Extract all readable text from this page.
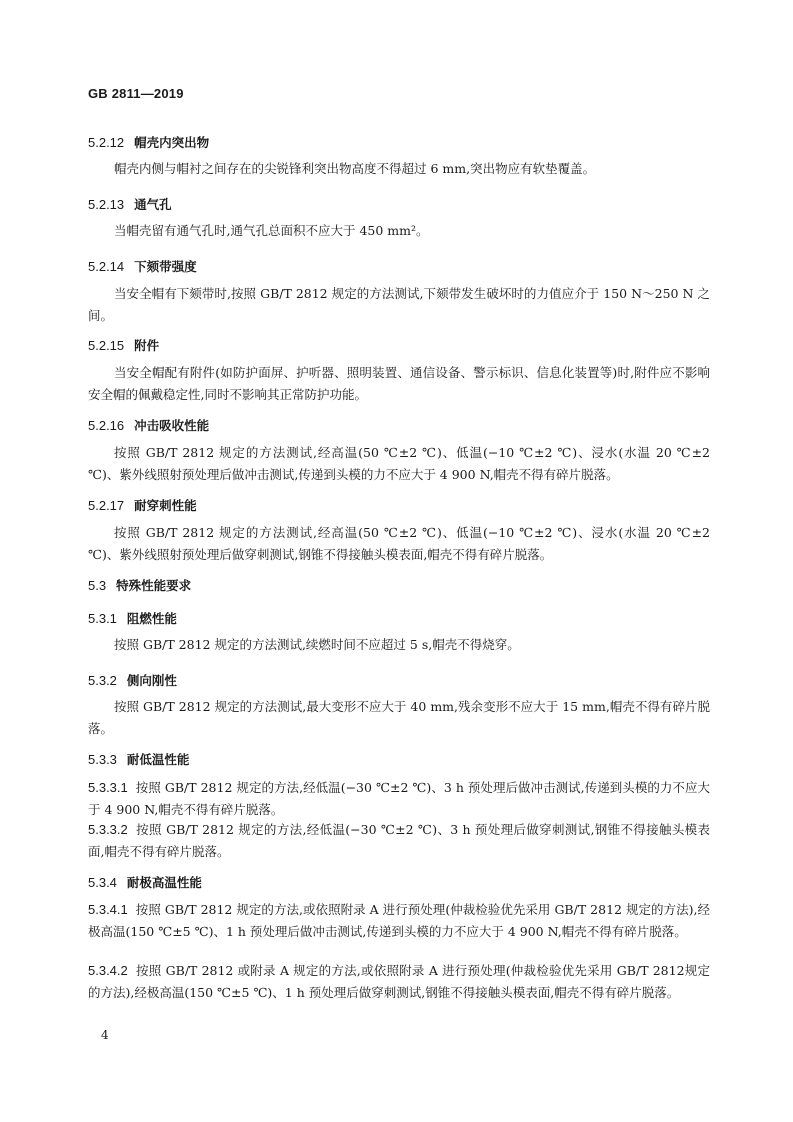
GB 2811—2019
5.2.12 帽壳内突出物
帽壳内侧与帽衬之间存在的尖锐锋利突出物高度不得超过 6 mm,突出物应有软垫覆盖。
5.2.13 通气孔
当帽壳留有通气孔时,通气孔总面积不应大于 450 mm²。
5.2.14 下颏带强度
当安全帽有下颏带时,按照 GB/T 2812 规定的方法测试,下颏带发生破坏时的力值应介于 150 N～250 N 之间。
5.2.15 附件
当安全帽配有附件(如防护面屏、护听器、照明装置、通信设备、警示标识、信息化装置等)时,附件应不影响安全帽的佩戴稳定性,同时不影响其正常防护功能。
5.2.16 冲击吸收性能
按照 GB/T 2812 规定的方法测试,经高温(50 ℃±2 ℃)、低温(−10 ℃±2 ℃)、浸水(水温 20 ℃±2 ℃)、紫外线照射预处理后做冲击测试,传递到头模的力不应大于 4 900 N,帽壳不得有碎片脱落。
5.2.17 耐穿刺性能
按照 GB/T 2812 规定的方法测试,经高温(50 ℃±2 ℃)、低温(−10 ℃±2 ℃)、浸水(水温 20 ℃±2 ℃)、紫外线照射预处理后做穿刺测试,钢锥不得接触头模表面,帽壳不得有碎片脱落。
5.3 特殊性能要求
5.3.1 阻燃性能
按照 GB/T 2812 规定的方法测试,续燃时间不应超过 5 s,帽壳不得烧穿。
5.3.2 侧向刚性
按照 GB/T 2812 规定的方法测试,最大变形不应大于 40 mm,残余变形不应大于 15 mm,帽壳不得有碎片脱落。
5.3.3 耐低温性能
5.3.3.1 按照 GB/T 2812 规定的方法,经低温(−30 ℃±2 ℃)、3 h 预处理后做冲击测试,传递到头模的力不应大于 4 900 N,帽壳不得有碎片脱落。
5.3.3.2 按照 GB/T 2812 规定的方法,经低温(−30 ℃±2 ℃)、3 h 预处理后做穿刺测试,钢锥不得接触头模表面,帽壳不得有碎片脱落。
5.3.4 耐极高温性能
5.3.4.1 按照 GB/T 2812 规定的方法,或依照附录 A 进行预处理(仲裁检验优先采用 GB/T 2812 规定的方法),经极高温(150 ℃±5 ℃)、1 h 预处理后做冲击测试,传递到头模的力不应大于 4 900 N,帽壳不得有碎片脱落。
5.3.4.2 按照 GB/T 2812 或附录 A 规定的方法,或依照附录 A 进行预处理(仲裁检验优先采用 GB/T 2812规定的方法),经极高温(150 ℃±5 ℃)、1 h 预处理后做穿刺测试,钢锥不得接触头模表面,帽壳不得有碎片脱落。
4
